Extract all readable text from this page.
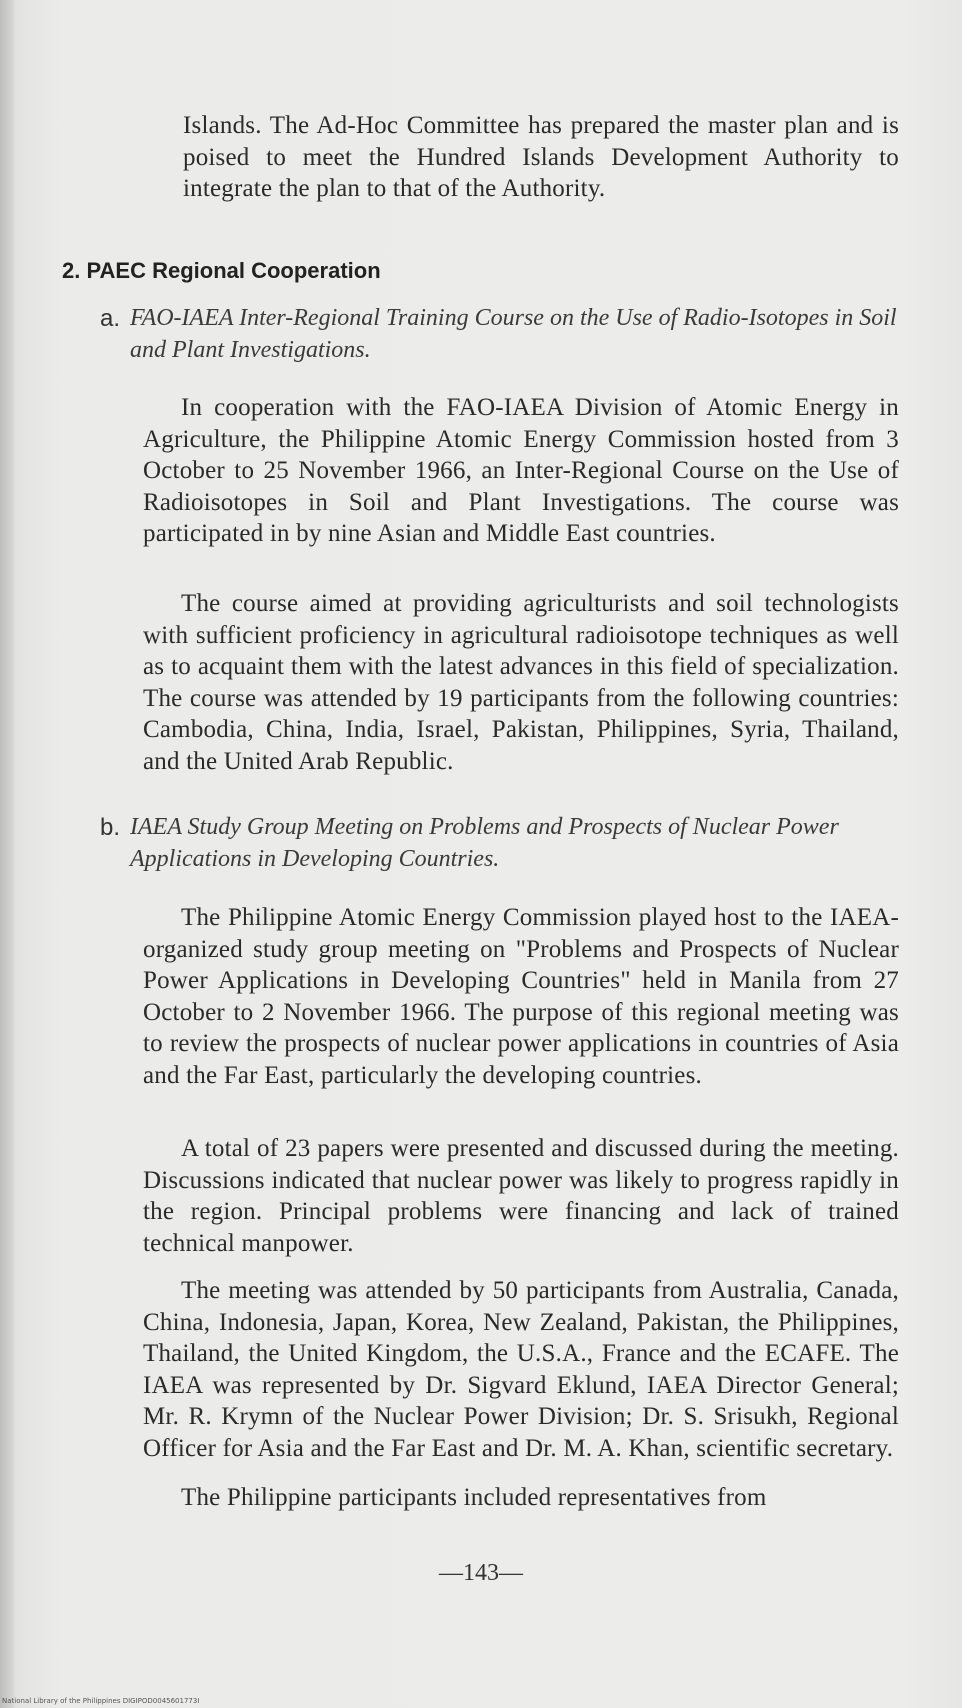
Islands. The Ad-Hoc Committee has prepared the master plan and is poised to meet the Hundred Islands Development Authority to integrate the plan to that of the Authority.

2. PAEC Regional Cooperation

a. FAO-IAEA Inter-Regional Training Course on the Use of Radio-Isotopes in Soil and Plant Investigations.

In cooperation with the FAO-IAEA Division of Atomic Energy in Agriculture, the Philippine Atomic Energy Commission hosted from 3 October to 25 November 1966, an Inter-Regional Course on the Use of Radioisotopes in Soil and Plant Investigations. The course was participated in by nine Asian and Middle East countries.

The course aimed at providing agriculturists and soil technologists with sufficient proficiency in agricultural radioisotope techniques as well as to acquaint them with the latest advances in this field of specialization. The course was attended by 19 participants from the following countries: Cambodia, China, India, Israel, Pakistan, Philippines, Syria, Thailand, and the United Arab Republic.

b. IAEA Study Group Meeting on Problems and Prospects of Nuclear Power Applications in Developing Countries.

The Philippine Atomic Energy Commission played host to the IAEA-organized study group meeting on "Problems and Prospects of Nuclear Power Applications in Developing Countries" held in Manila from 27 October to 2 November 1966. The purpose of this regional meeting was to review the prospects of nuclear power applications in countries of Asia and the Far East, particularly the developing countries.

A total of 23 papers were presented and discussed during the meeting. Discussions indicated that nuclear power was likely to progress rapidly in the region. Principal problems were financing and lack of trained technical manpower.

The meeting was attended by 50 participants from Australia, Canada, China, Indonesia, Japan, Korea, New Zealand, Pakistan, the Philippines, Thailand, the United Kingdom, the U.S.A., France and the ECAFE. The IAEA was represented by Dr. Sigvard Eklund, IAEA Director General; Mr. R. Krymn of the Nuclear Power Division; Dr. S. Srisukh, Regional Officer for Asia and the Far East and Dr. M. A. Khan, scientific secretary.

The Philippine participants included representatives from

—143—
National Library of the Philippines DIGIPOD0045601773I
